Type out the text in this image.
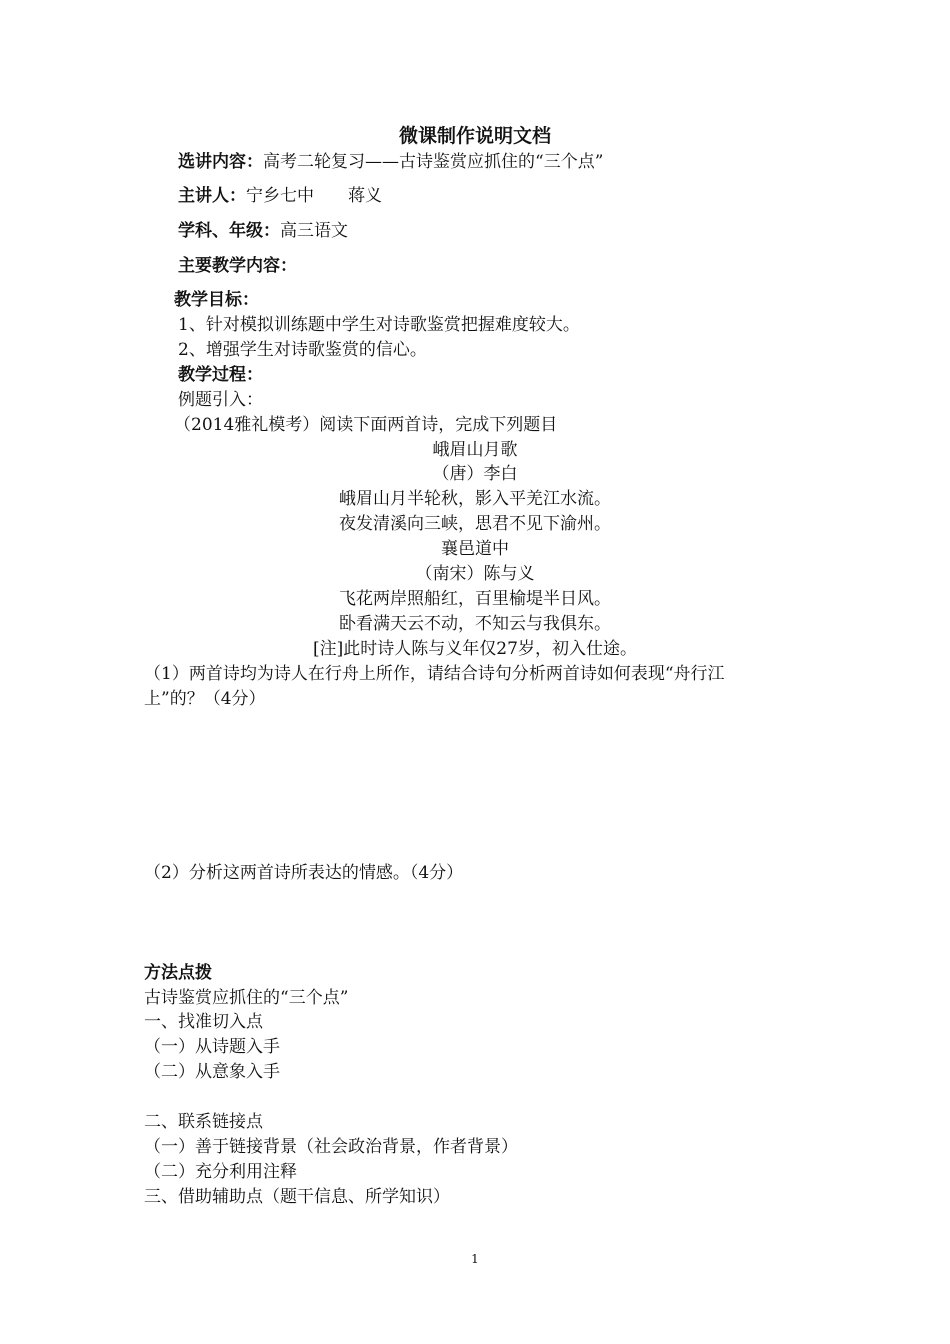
微课制作说明文档
选讲内容：高考二轮复习——古诗鉴赏应抓住的“三个点”
主讲人：宁乡七中　　蒋义
学科、年级：高三语文
主要教学内容：
教学目标：
1、针对模拟训练题中学生对诗歌鉴赏把握难度较大。
2、增强学生对诗歌鉴赏的信心。
教学过程：
例题引入：
（2014雅礼模考）阅读下面两首诗，完成下列题目
峨眉山月歌
（唐）李白
峨眉山月半轮秋，影入平羌江水流。
夜发清溪向三峡，思君不见下渝州。
襄邑道中
（南宋）陈与义
飞花两岸照船红，百里榆堤半日风。
卧看满天云不动，不知云与我俱东。
[注]此时诗人陈与义年仅27岁，初入仕途。
（1）两首诗均为诗人在行舟上所作，请结合诗句分析两首诗如何表现“舟行江
上”的？（4分）
（2）分析这两首诗所表达的情感。（4分）
方法点拨
古诗鉴赏应抓住的“三个点”
一、找准切入点
（一）从诗题入手
（二）从意象入手
二、联系链接点
（一）善于链接背景（社会政治背景，作者背景）
（二）充分利用注释
三、借助辅助点（题干信息、所学知识）
1
